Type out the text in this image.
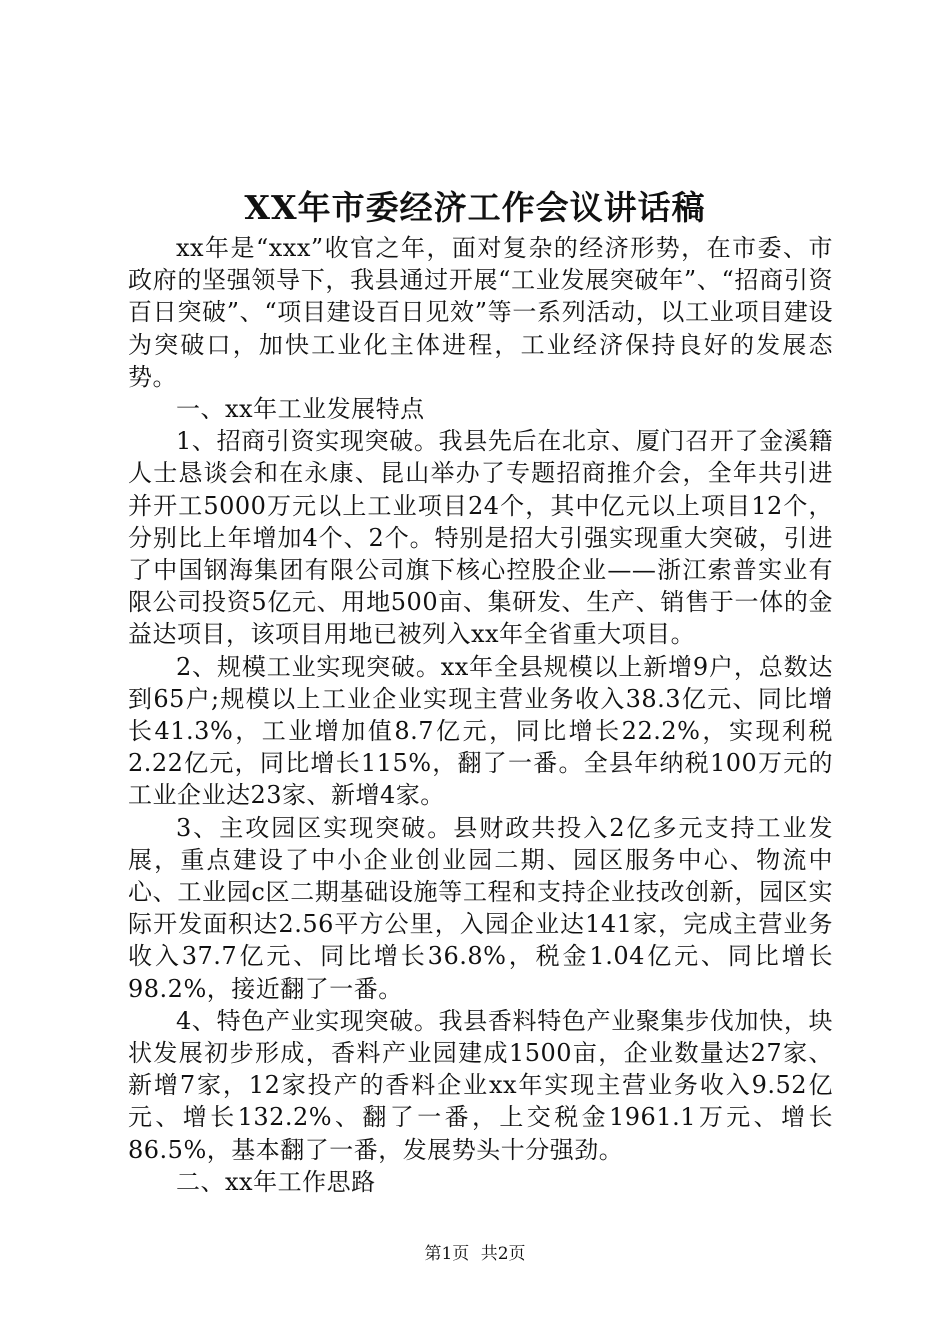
XX年市委经济工作会议讲话稿

xx年是“xxx”收官之年，面对复杂的经济形势，在市委、市政府的坚强领导下，我县通过开展“工业发展突破年”、“招商引资百日突破”、“项目建设百日见效”等一系列活动，以工业项目建设为突破口，加快工业化主体进程，工业经济保持良好的发展态势。

一、xx年工业发展特点

1、招商引资实现突破。我县先后在北京、厦门召开了金溪籍人士恳谈会和在永康、昆山举办了专题招商推介会，全年共引进并开工5000万元以上工业项目24个，其中亿元以上项目12个，分别比上年增加4个、2个。特别是招大引强实现重大突破，引进了中国钢海集团有限公司旗下核心控股企业——浙江索普实业有限公司投资5亿元、用地500亩、集研发、生产、销售于一体的金益达项目，该项目用地已被列入xx年全省重大项目。

2、规模工业实现突破。xx年全县规模以上新增9户，总数达到65户;规模以上工业企业实现主营业务收入38.3亿元、同比增长41.3%，工业增加值8.7亿元，同比增长22.2%，实现利税2.22亿元，同比增长115%，翻了一番。全县年纳税100万元的工业企业达23家、新增4家。

3、主攻园区实现突破。县财政共投入2亿多元支持工业发展，重点建设了中小企业创业园二期、园区服务中心、物流中心、工业园c区二期基础设施等工程和支持企业技改创新，园区实际开发面积达2.56平方公里，入园企业达141家，完成主营业务收入37.7亿元、同比增长36.8%，税金1.04亿元、同比增长98.2%，接近翻了一番。

4、特色产业实现突破。我县香料特色产业聚集步伐加快，块状发展初步形成，香料产业园建成1500亩，企业数量达27家、新增7家，12家投产的香料企业xx年实现主营业务收入9.52亿元、增长132.2%、翻了一番，上交税金1961.1万元、增长86.5%，基本翻了一番，发展势头十分强劲。

二、xx年工作思路

第1页 共2页
